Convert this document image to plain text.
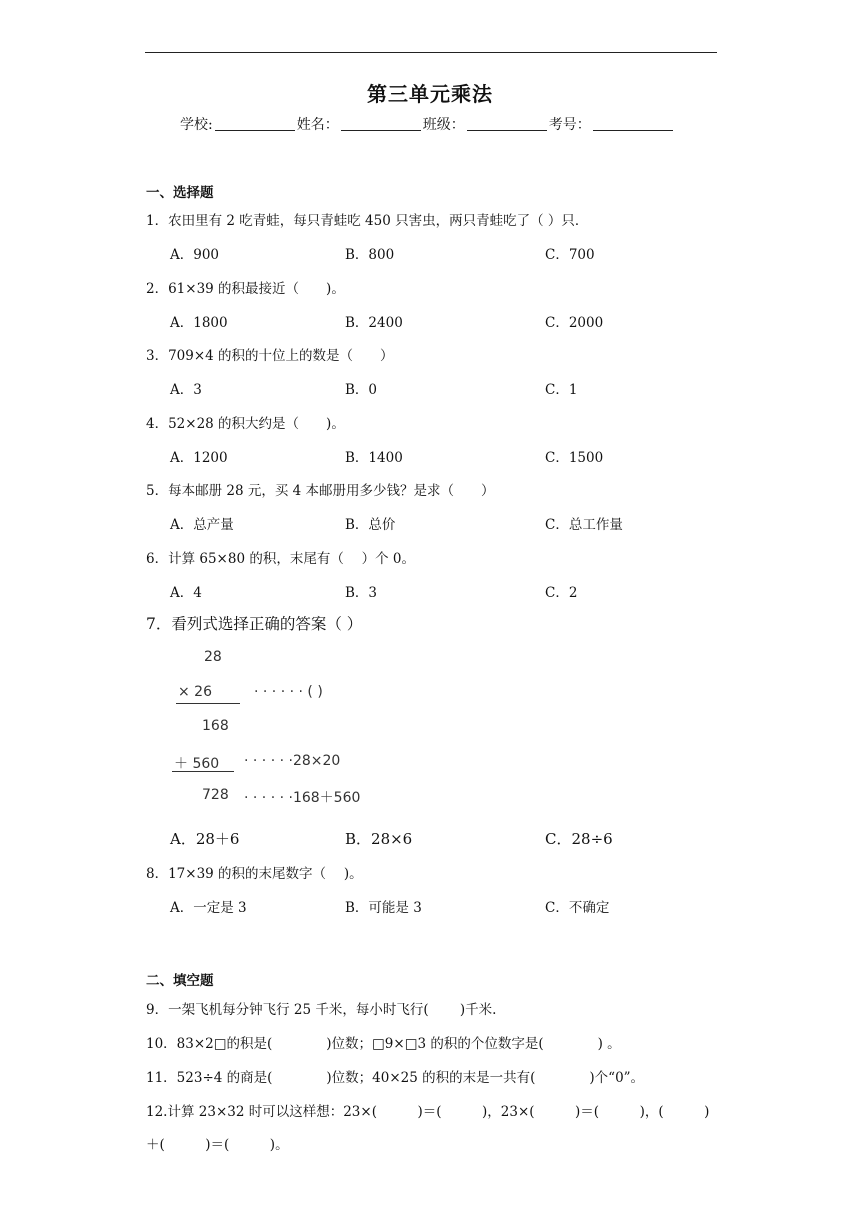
第三单元乘法
学校:	姓名：	班级：	考号：
一、选择题
1．农田里有 2 吃青蛙，每只青蛙吃 450 只害虫，两只青蛙吃了（ ）只．
A．900	B．800	C．700
2．61×39 的积最接近（　　)。
A．1800	B．2400	C．2000
3．709×4 的积的十位上的数是（　　）
A．3	B．0	C．1
4．52×28 的积大约是（　　)。
A．1200	B．1400	C．1500
5．每本邮册 28 元，买 4 本邮册用多少钱？是求（　　）
A．总产量	B．总价	C．总工作量
6．计算 65×80 的积，末尾有（　 ）个 0。
A．4	B．3	C．2
7．看列式选择正确的答案（ ）
28
× 26	· · · · · · ( )
168
＋ 560 · · · · · ·28×20
728 · · · · · ·168＋560
A．28＋6	B．28×6	C．28÷6
8．17×39 的积的末尾数字（　 )。
A．一定是 3	B．可能是 3	C．不确定
二、填空题
9．一架飞机每分钟飞行 25 千米，每小时飞行(　　 )千米.
10．83×2□的积是(　　　　)位数；□9×□3 的积的个位数字是(　　　　) 。
11．523÷4 的商是(　　　　)位数；40×25 的积的末是一共有(　　　　)个“0”。
12.计算 23×32 时可以这样想：23×(　　　)＝(　　　)，23×(　　　)＝(　　　)，(　　　)
＋(　　　)＝(　　　)。
